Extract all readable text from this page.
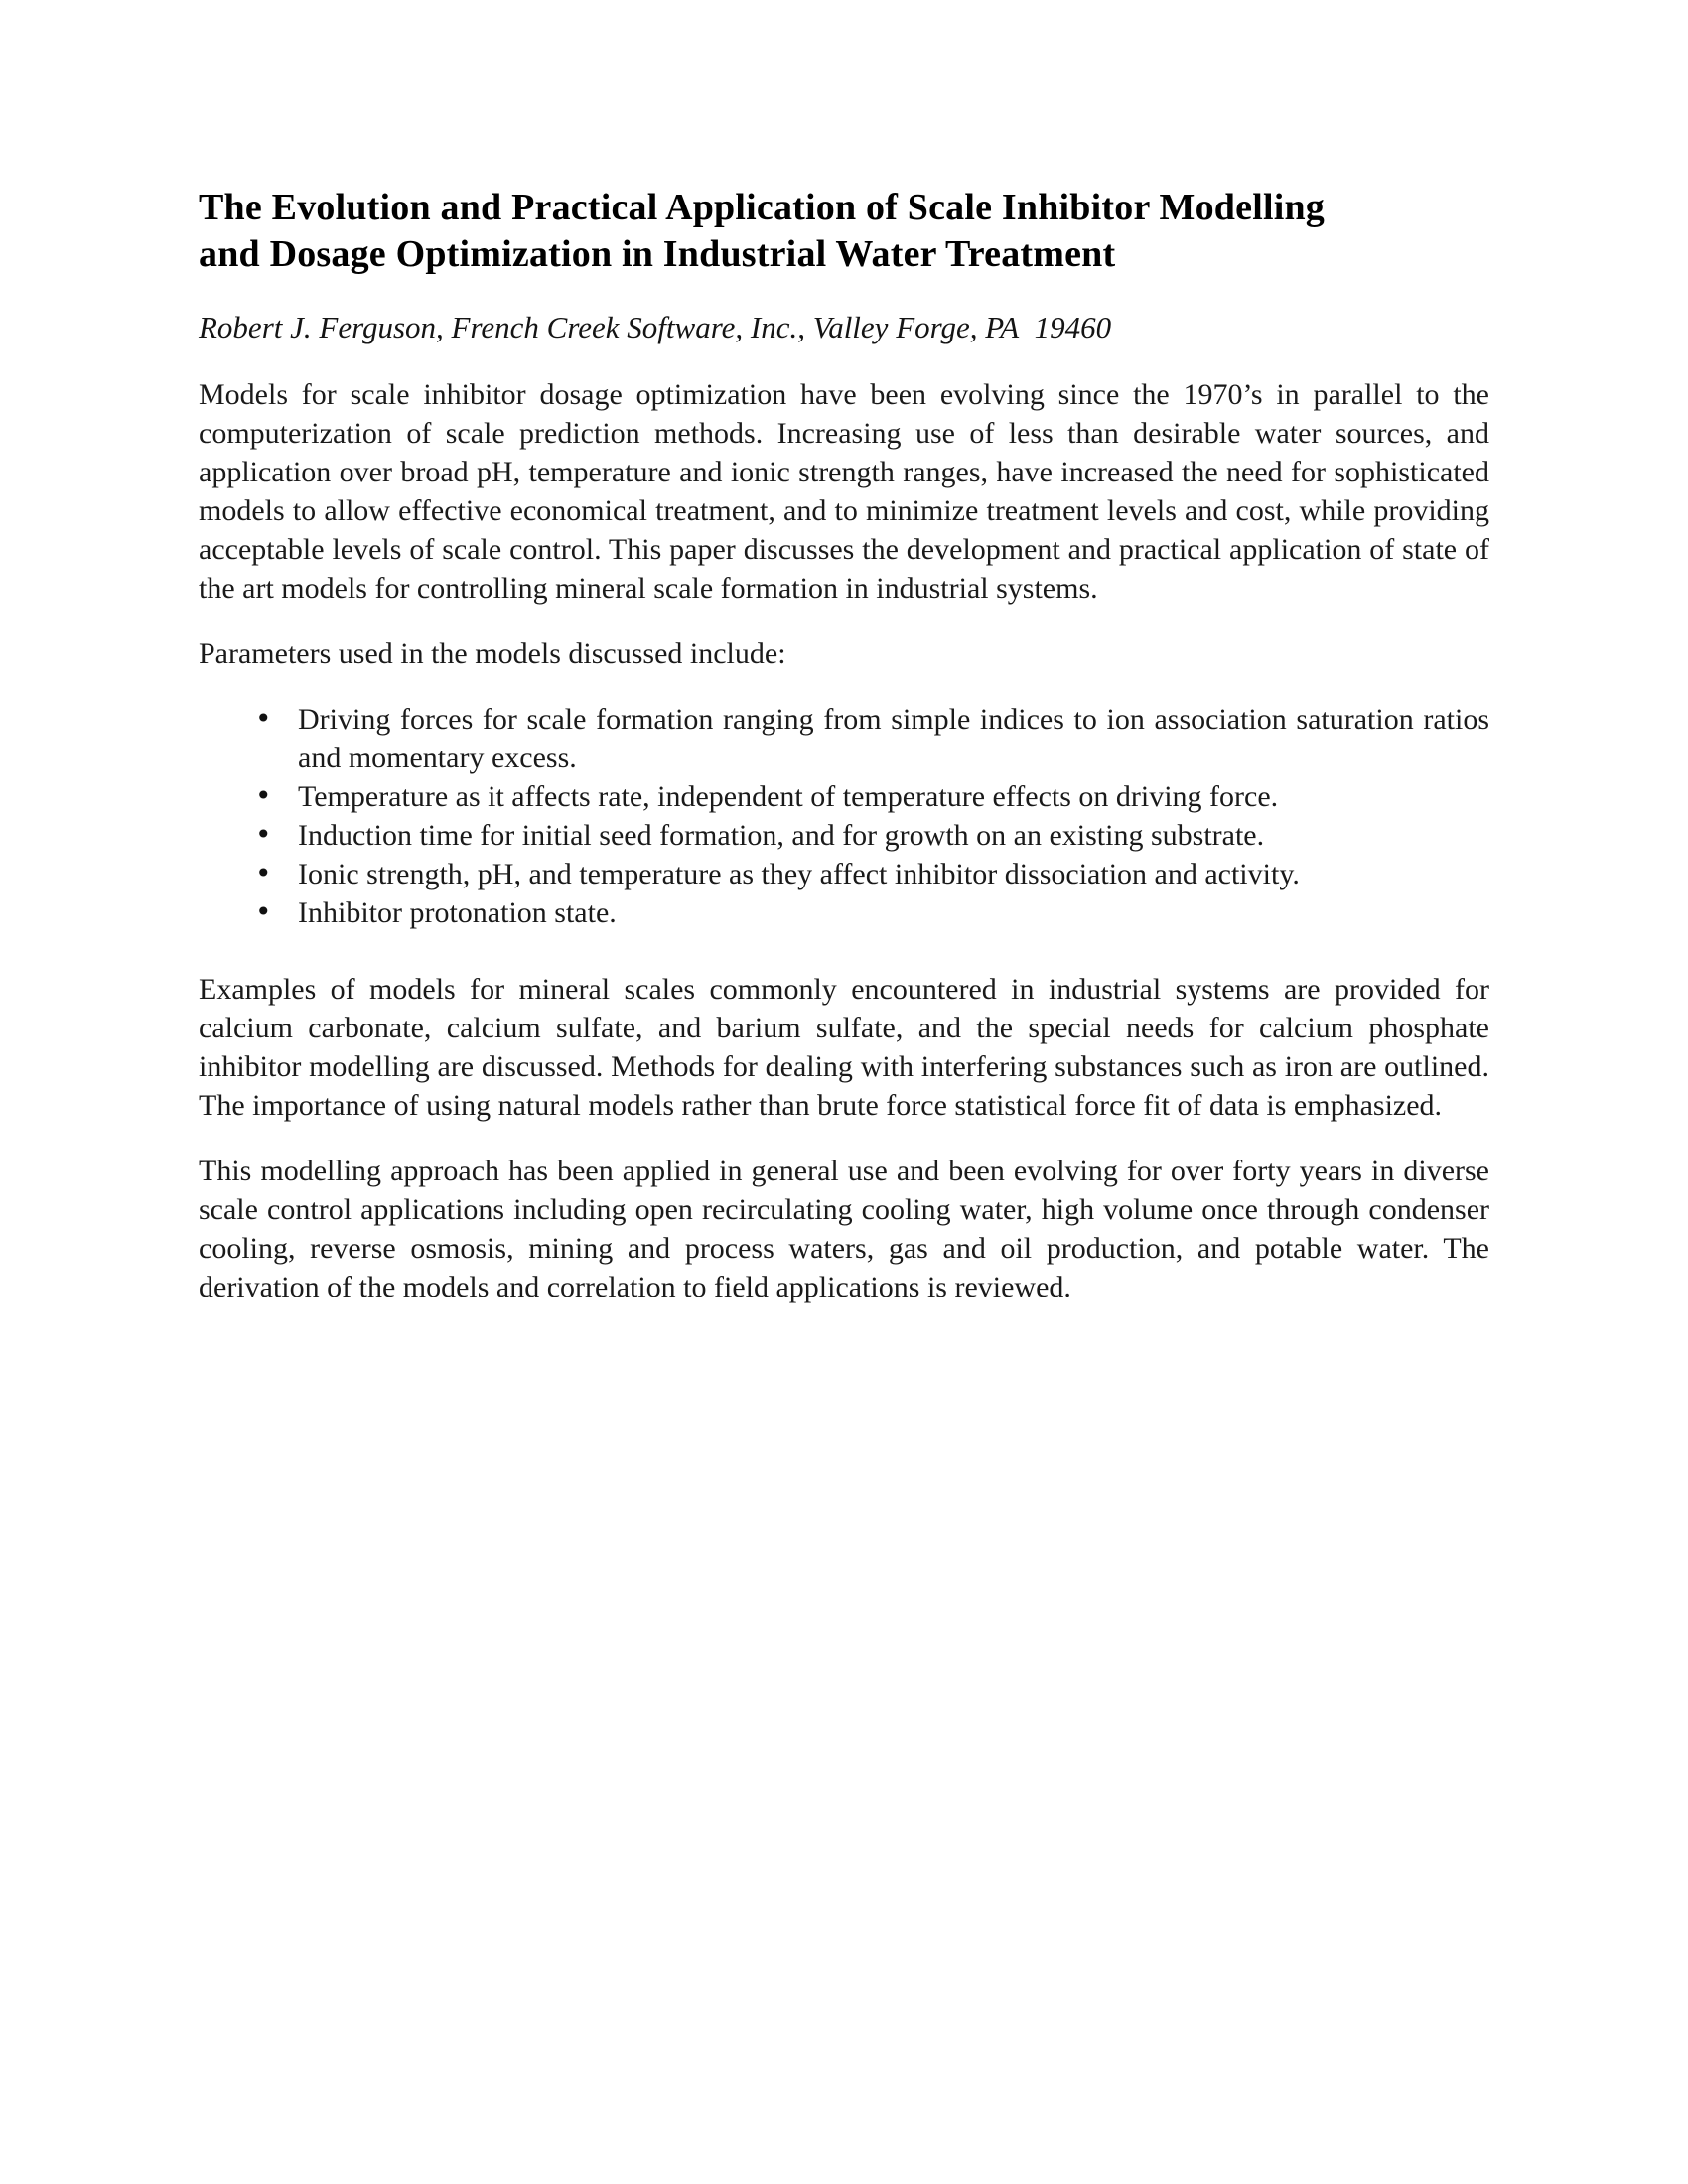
The Evolution and Practical Application of Scale Inhibitor Modelling and Dosage Optimization in Industrial Water Treatment

Robert J. Ferguson, French Creek Software, Inc., Valley Forge, PA  19460

Models for scale inhibitor dosage optimization have been evolving since the 1970’s in parallel to the computerization of scale prediction methods. Increasing use of less than desirable water sources, and application over broad pH, temperature and ionic strength ranges, have increased the need for sophisticated models to allow effective economical treatment, and to minimize treatment levels and cost, while providing acceptable levels of scale control. This paper discusses the development and practical application of state of the art models for controlling mineral scale formation in industrial systems.

Parameters used in the models discussed include:

• Driving forces for scale formation ranging from simple indices to ion association saturation ratios and momentary excess.
• Temperature as it affects rate, independent of temperature effects on driving force.
• Induction time for initial seed formation, and for growth on an existing substrate.
• Ionic strength, pH, and temperature as they affect inhibitor dissociation and activity.
• Inhibitor protonation state.

Examples of models for mineral scales commonly encountered in industrial systems are provided for calcium carbonate, calcium sulfate, and barium sulfate, and the special needs for calcium phosphate inhibitor modelling are discussed. Methods for dealing with interfering substances such as iron are outlined. The importance of using natural models rather than brute force statistical force fit of data is emphasized.

This modelling approach has been applied in general use and been evolving for over forty years in diverse scale control applications including open recirculating cooling water, high volume once through condenser cooling, reverse osmosis, mining and process waters, gas and oil production, and potable water. The derivation of the models and correlation to field applications is reviewed.
